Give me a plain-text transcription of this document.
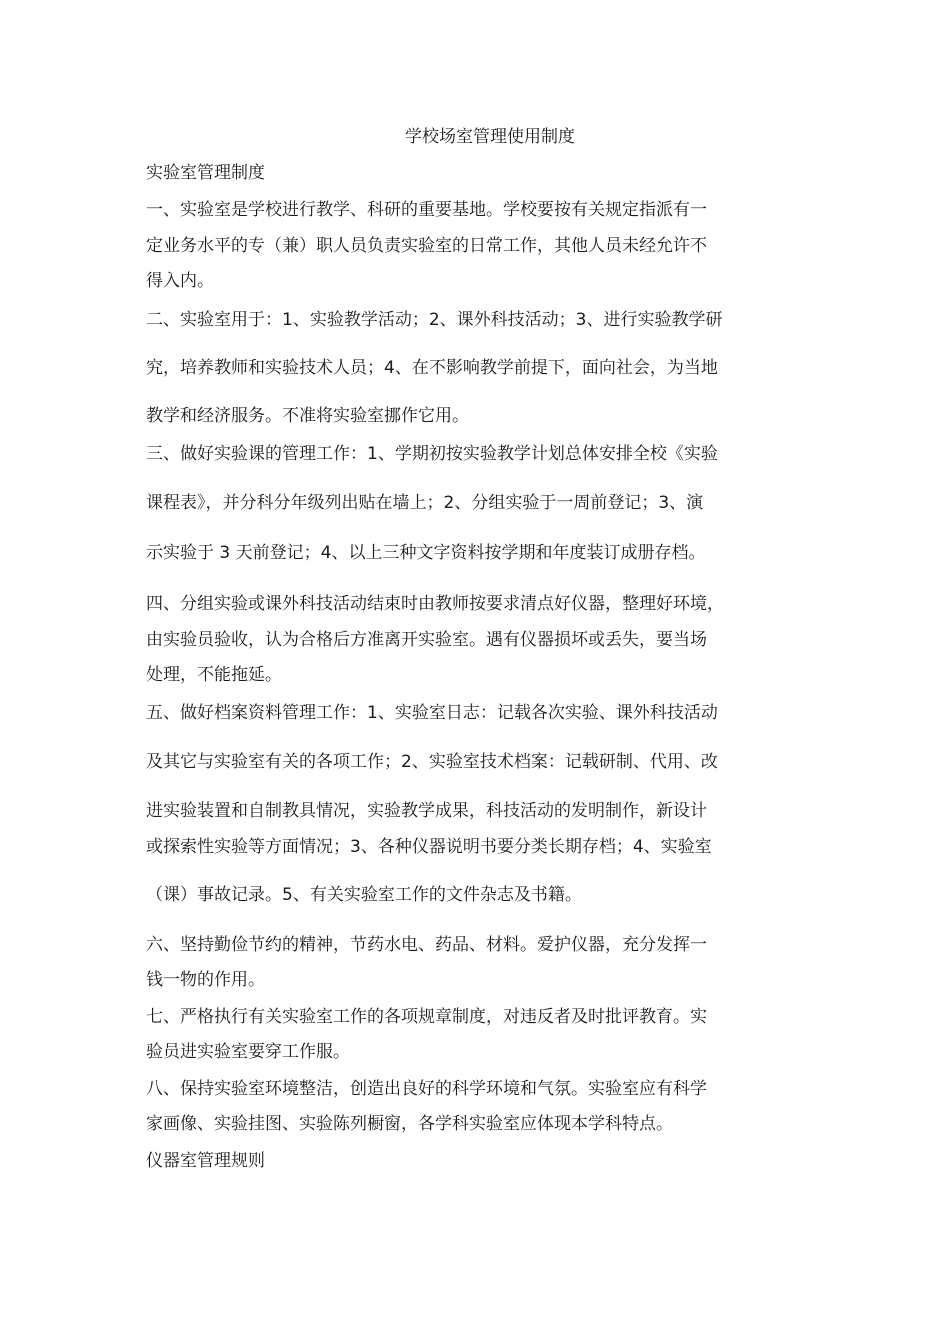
学校场室管理使用制度
实验室管理制度
一、实验室是学校进行教学、科研的重要基地。学校要按有关规定指派有一
定业务水平的专（兼）职人员负责实验室的日常工作，其他人员未经允许不
得入内。
二、实验室用于：1、实验教学活动；2、课外科技活动；3、进行实验教学研
究，培养教师和实验技术人员；4、在不影响教学前提下，面向社会，为当地
教学和经济服务。不准将实验室挪作它用。
三、做好实验课的管理工作：1、学期初按实验教学计划总体安排全校《实验
课程表》，并分科分年级列出贴在墙上；2、分组实验于一周前登记；3、演
示实验于 3 天前登记；4、以上三种文字资料按学期和年度装订成册存档。
四、分组实验或课外科技活动结束时由教师按要求清点好仪器，整理好环境，
由实验员验收，认为合格后方准离开实验室。遇有仪器损坏或丢失，要当场
处理，不能拖延。
五、做好档案资料管理工作：1、实验室日志：记载各次实验、课外科技活动
及其它与实验室有关的各项工作；2、实验室技术档案：记载研制、代用、改
进实验装置和自制教具情况，实验教学成果，科技活动的发明制作，新设计
或探索性实验等方面情况；3、各种仪器说明书要分类长期存档；4、实验室
（课）事故记录。5、有关实验室工作的文件杂志及书籍。
六、坚持勤俭节约的精神，节药水电、药品、材料。爱护仪器，充分发挥一
钱一物的作用。
七、严格执行有关实验室工作的各项规章制度，对违反者及时批评教育。实
验员进实验室要穿工作服。
八、保持实验室环境整洁，创造出良好的科学环境和气氛。实验室应有科学
家画像、实验挂图、实验陈列橱窗，各学科实验室应体现本学科特点。
仪器室管理规则
